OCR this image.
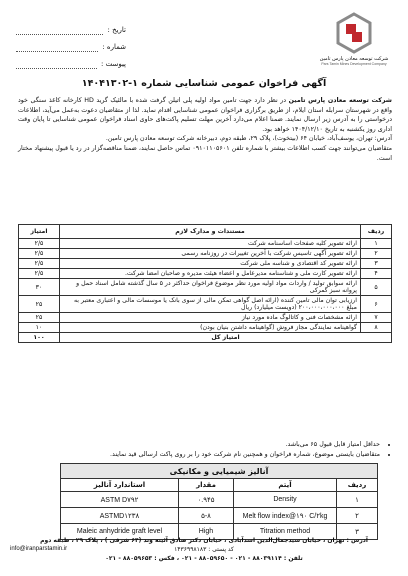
تاریخ :
شماره :
پیوست :
شرکت توسعه معادن پارس تامین
Pars Tamin Mines Development Company
آگهی فراخوان عمومی شناسایی شماره ۱-۱۴۰۴۱۳۰۲

شرکت توسعه معادن پارس تامین در نظر دارد جهت تامین مواد اولیه پلی اتیلن گرفت شده با مالئیک گرید HD کارخانه کاغذ سنگی خود واقع در شهرستان سرابله استان ایلام، از طریق برگزاری فراخوان عمومی شناسایی اقدام نماید. لذا از متقاضیان دعوت به‌عمل می‌آید، اطلاعات درخواستی را به آدرس زیر ارسال نمایند. ضمنا اعلام می‌دارد آخرین مهلت تسلیم پاکت‌های حاوی اسناد فراخوان عمومی شناسایی تا پایان وقت اداری روز یکشنبه به تاریخ ۱۴۰۴/۱۲/۱۰ خواهد بود.

آدرس: تهران، یوسف‌آباد، خیابان ۶۴ (بیتخوت)، پلاک ۲۹، طبقه دوم، دبیرخانه شرکت توسعه معادن پارس تامین.

متقاضیان می‌توانند جهت کسب اطلاعات بیشتر با شماره تلفن ۰۹۱۰۱۱۰۵۶۰۱ تماس حاصل نمایند، ضمنا مناقصه‌گزار در رد یا قبول پیشنهاد مختار است.

ردیف	مستندات و مدارک لازم	امتیاز
۱	ارائه تصویر کلیه صفحات اساسنامه شرکت	۲/۵
۲	ارائه تصویر آگهی تاسیس شرکت با آخرین تغییرات در روزنامه رسمی	۲/۵
۳	ارائه تصویر کد اقتصادی و شناسه ملی شرکت	۲/۵
۴	ارائه تصویر کارت ملی و شناسنامه مدیرعامل و اعضاء هیئت مدیره و صاحبان امضا شرکت.	۲/۵
۵	ارائه سوابق تولید / واردات مواد اولیه مورد نظر موضوع فراخوان حداکثر در ۵ سال گذشته شامل اسناد حمل و پروانه سبز گمرکی	۳۰
۶	ارزیابی توان مالی تامین کننده (ارائه اصل گواهی تمکن مالی از سوی بانک یا موسسات مالی و اعتباری معتبر به مبلغ ۲۰۰،۰۰۰،۰۰۰،۰۰۰ (دویست میلیارد) ریال	۲۵
۷	ارائه مشخصات فنی و کاتالوگ ماده مورد نیاز	۲۵
۸	گواهینامه نمایندگی مجاز فروش (گواهینامه داشتن بنیان بودن)	۱۰
امتیاز کل		۱۰۰
• حداقل امتیاز قابل قبول ۶۵ می‌باشد.
• متقاضیان بایستی موضوع، شماره فراخوان و همچنین نام شرکت خود را بر روی پاکت ارسالی قید نمایند.
آنالیز شیمیایی و مکانیکی			
ردیف	آیتم	مقدار	استاندارد آنالیز
۱	Density	۰.۹۴۵	ASTM D۷۹۲
۲	Melt flow index@۱۹۰ C/۲kg	۵-۸	ASTMD۱۲۳۸
۳	Titration method	High	Maleic anhydride graft level
آدرس : تهران ، خیابان سید‌جمال‌الدین اسدآبادی ، خیابان دکتر صادق آئینه وند (۶۴ شرقی ) ، پلاک ۲۹ ، طبقه دوم
کد پستی : ۱۴۳۶۹۹۸۱۸۳
info@iranparstamin.ir
تلفن : ۸۸۰۳۹۱۱۴ - ۰۲۱ - ۸۸۰۵۹۶۵۰ - ۰۲۱ ، فکس : ۸۸۰۵۹۶۵۳ - ۰۲۱
